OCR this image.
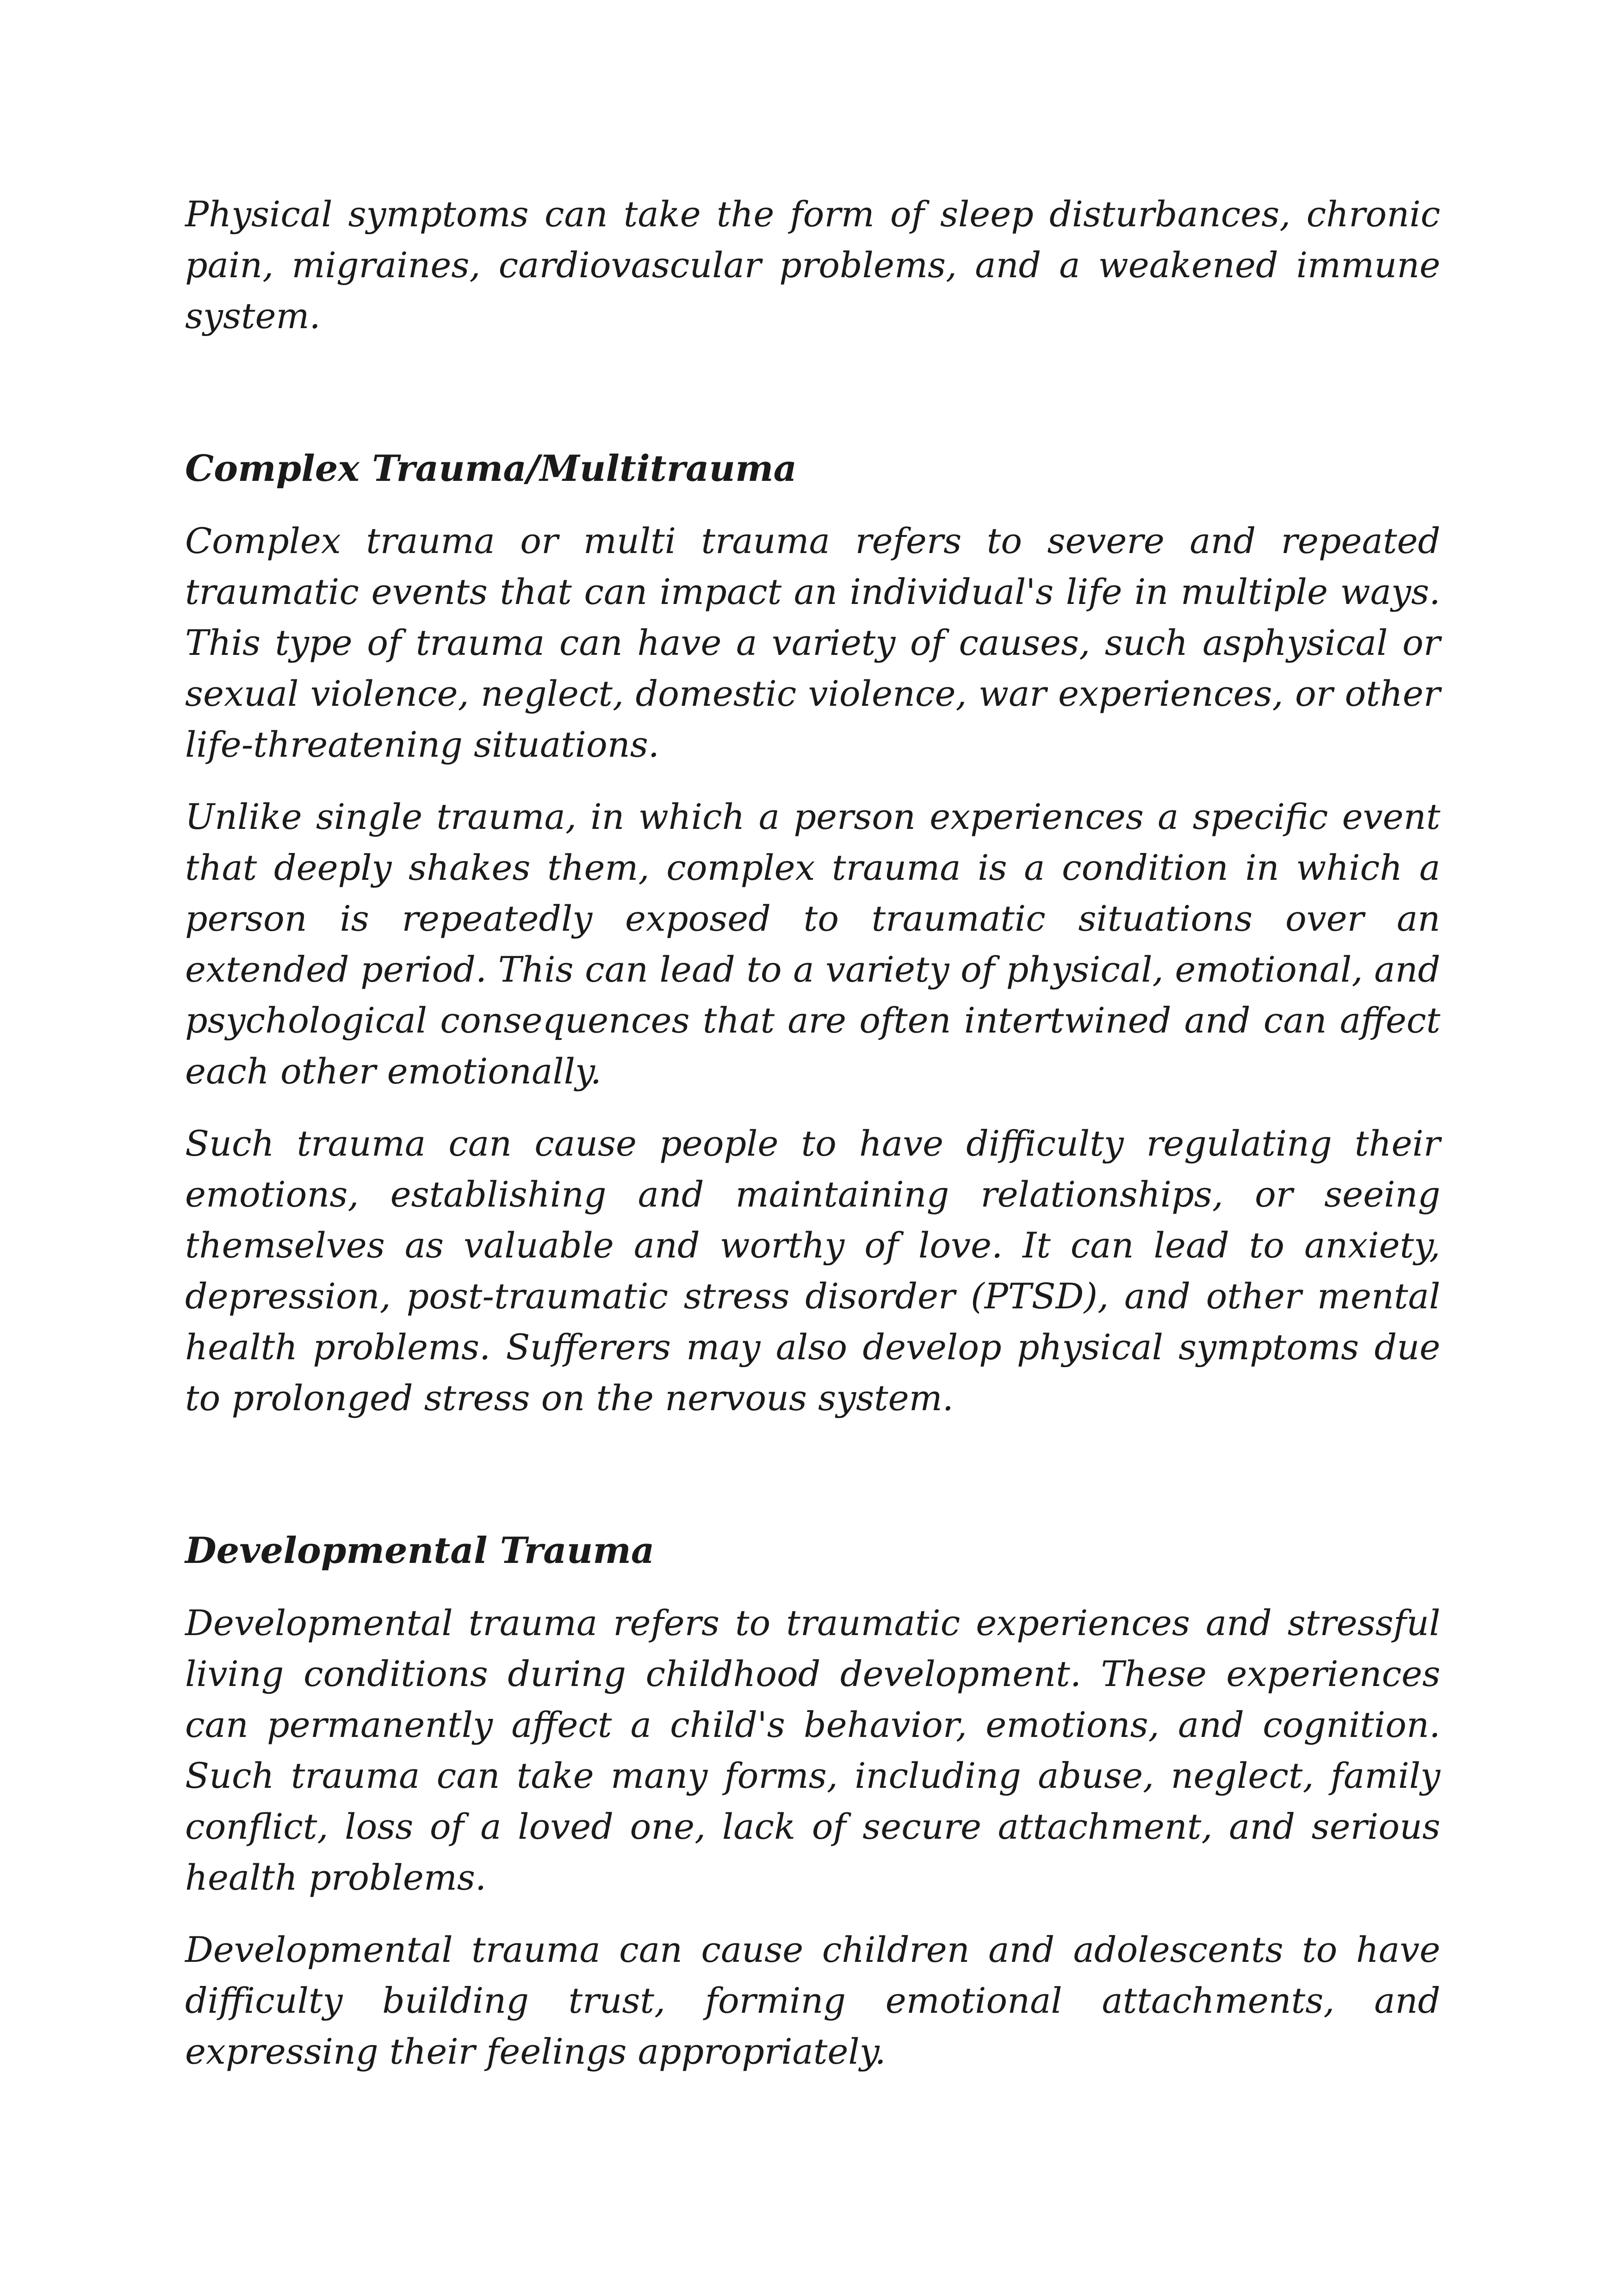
Physical symptoms can take the form of sleep disturbances, chronic pain, migraines, cardiovascular problems, and a weakened immune system.

Complex Trauma/Multitrauma

Complex trauma or multi trauma refers to severe and repeated traumatic events that can impact an individual's life in multiple ways. This type of trauma can have a variety of causes, such asphysical or sexual violence, neglect, domestic violence, war experiences, or other life-threatening situations.

Unlike single trauma, in which a person experiences a specific event that deeply shakes them, complex trauma is a condition in which a person is repeatedly exposed to traumatic situations over an extended period. This can lead to a variety of physical, emotional, and psychological consequences that are often intertwined and can affect each other emotionally.

Such trauma can cause people to have difficulty regulating their emotions, establishing and maintaining relationships, or seeing themselves as valuable and worthy of love. It can lead to anxiety, depression, post-traumatic stress disorder (PTSD), and other mental health problems. Sufferers may also develop physical symptoms due to prolonged stress on the nervous system.

Developmental Trauma

Developmental trauma refers to traumatic experiences and stressful living conditions during childhood development. These experiences can permanently affect a child's behavior, emotions, and cognition. Such trauma can take many forms, including abuse, neglect, family conflict, loss of a loved one, lack of secure attachment, and serious health problems.

Developmental trauma can cause children and adolescents to have difficulty building trust, forming emotional attachments, and expressing their feelings appropriately.
